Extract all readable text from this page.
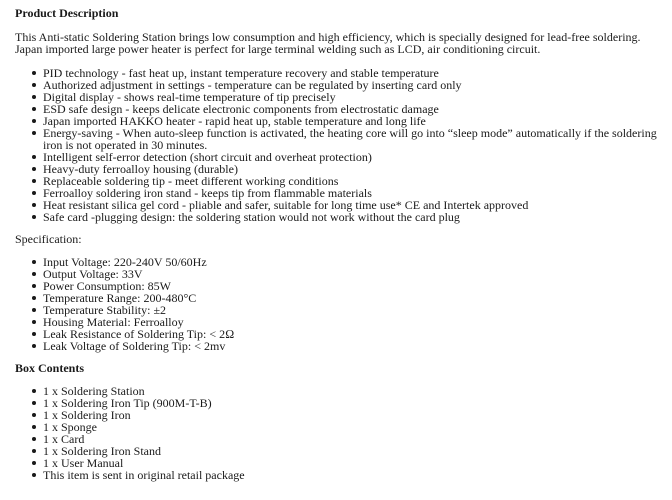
Product Description

This Anti-static Soldering Station brings low consumption and high efficiency, which is specially designed for lead-free soldering. Japan imported large power heater is perfect for large terminal welding such as LCD, air conditioning circuit.

PID technology - fast heat up, instant temperature recovery and stable temperature
Authorized adjustment in settings - temperature can be regulated by inserting card only
Digital display - shows real-time temperature of tip precisely
ESD safe design - keeps delicate electronic components from electrostatic damage
Japan imported HAKKO heater - rapid heat up, stable temperature and long life
Energy-saving - When auto-sleep function is activated, the heating core will go into “sleep mode” automatically if the soldering iron is not operated in 30 minutes.
Intelligent self-error detection (short circuit and overheat protection)
Heavy-duty ferroalloy housing (durable)
Replaceable soldering tip - meet different working conditions
Ferroalloy soldering iron stand - keeps tip from flammable materials
Heat resistant silica gel cord - pliable and safer, suitable for long time use* CE and Intertek approved
Safe card -plugging design: the soldering station would not work without the card plug

Specification:

Input Voltage: 220-240V 50/60Hz
Output Voltage: 33V
Power Consumption: 85W
Temperature Range: 200-480°C
Temperature Stability: ±2
Housing Material: Ferroalloy
Leak Resistance of Soldering Tip: < 2Ω
Leak Voltage of Soldering Tip: < 2mv
Box Contents
1 x Soldering Station
1 x Soldering Iron Tip (900M-T-B)
1 x Soldering Iron
1 x Sponge
1 x Card
1 x Soldering Iron Stand
1 x User Manual
This item is sent in original retail package
